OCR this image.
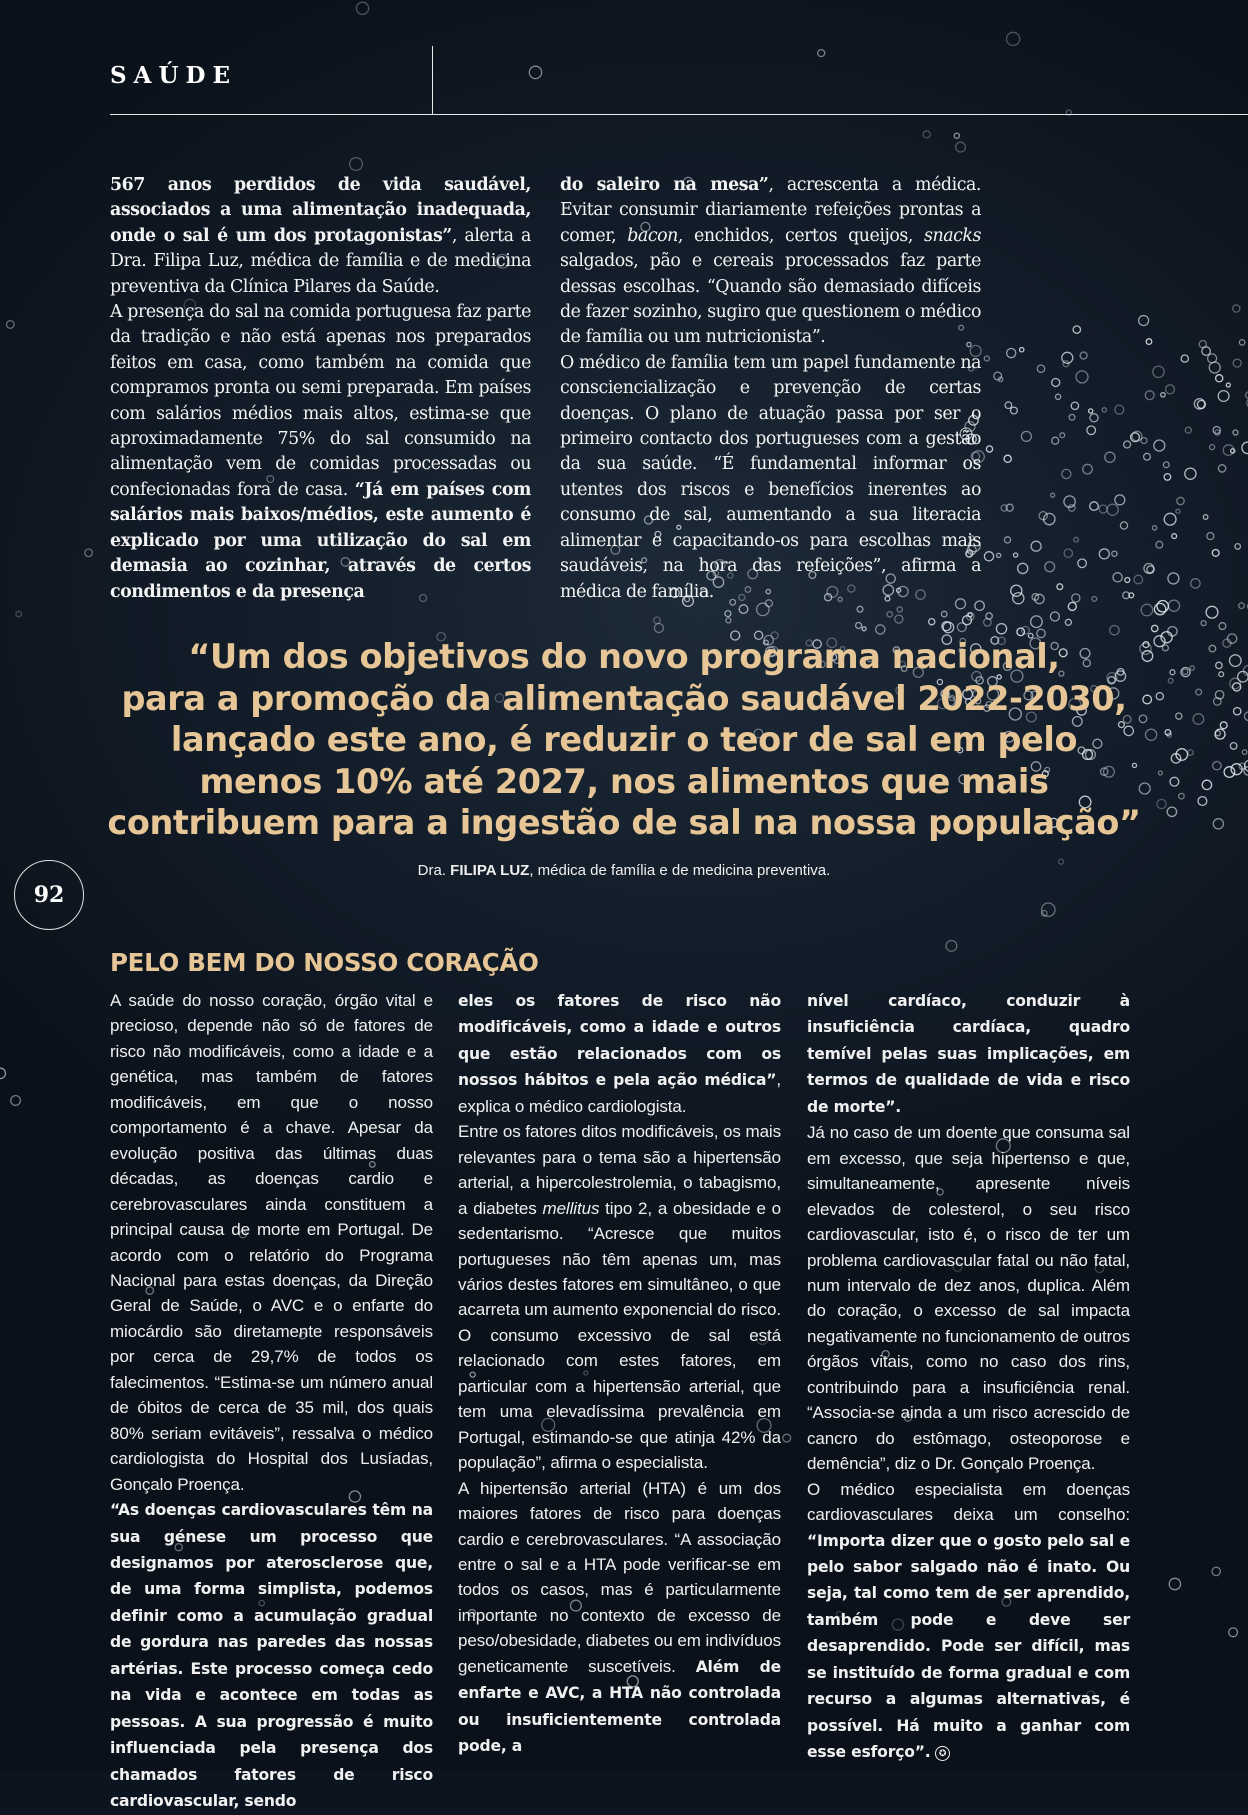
SAÚDE
567 anos perdidos de vida saudável, associados a uma alimentação inadequada, onde o sal é um dos protagonistas”, alerta a Dra. Filipa Luz, médica de família e de medicina preventiva da Clínica Pilares da Saúde.
A presença do sal na comida portuguesa faz parte da tradição e não está apenas nos preparados feitos em casa, como também na comida que compramos pronta ou semi preparada. Em países com salários médios mais altos, estima-se que aproximadamente 75% do sal consumido na alimentação vem de comidas processadas ou confecionadas fora de casa. “Já em países com salários mais baixos/médios, este aumento é explicado por uma utilização do sal em demasia ao cozinhar, através de certos condimentos e da presença
do saleiro na mesa”, acrescenta a médica. Evitar consumir diariamente refeições prontas a comer, bacon, enchidos, certos queijos, snacks salgados, pão e cereais processados faz parte dessas escolhas. “Quando são demasiado difíceis de fazer sozinho, sugiro que questionem o médico de família ou um nutricionista”.
O médico de família tem um papel fundamente na consciencialização e prevenção de certas doenças. O plano de atuação passa por ser o primeiro contacto dos portugueses com a gestão da sua saúde. “É fundamental informar os utentes dos riscos e benefícios inerentes ao consumo de sal, aumentando a sua literacia alimentar e capacitando-os para escolhas mais saudáveis, na hora das refeições”, afirma a médica de família.
“Um dos objetivos do novo programa nacional,
para a promoção da alimentação saudável 2022-2030,
lançado este ano, é reduzir o teor de sal em pelo
menos 10% até 2027, nos alimentos que mais
contribuem para a ingestão de sal na nossa população”
Dra. FILIPA LUZ, médica de família e de medicina preventiva.
92
PELO BEM DO NOSSO CORAÇÃO
A saúde do nosso coração, órgão vital e precioso, depende não só de fatores de risco não modificáveis, como a idade e a genética, mas também de fatores modificáveis, em que o nosso comportamento é a chave. Apesar da evolução positiva das últimas duas décadas, as doenças cardio e cerebrovasculares ainda constituem a principal causa de morte em Portugal. De acordo com o relatório do Programa Nacional para estas doenças, da Direção Geral de Saúde, o AVC e o enfarte do miocárdio são diretamente responsáveis por cerca de 29,7% de todos os falecimentos. “Estima-se um número anual de óbitos de cerca de 35 mil, dos quais 80% seriam evitáveis”, ressalva o médico cardiologista do Hospital dos Lusíadas, Gonçalo Proença.
“As doenças cardiovasculares têm na sua génese um processo que designamos por aterosclerose que, de uma forma simplista, podemos definir como a acumulação gradual de gordura nas paredes das nossas artérias. Este processo começa cedo na vida e acontece em todas as pessoas. A sua progressão é muito influenciada pela presença dos chamados fatores de risco cardiovascular, sendo
eles os fatores de risco não modificáveis, como a idade e outros que estão relacionados com os nossos hábitos e pela ação médica”, explica o médico cardiologista.
Entre os fatores ditos modificáveis, os mais relevantes para o tema são a hipertensão arterial, a hipercolestrolemia, o tabagismo, a diabetes mellitus tipo 2, a obesidade e o sedentarismo. “Acresce que muitos portugueses não têm apenas um, mas vários destes fatores em simultâneo, o que acarreta um aumento exponencial do risco. O consumo excessivo de sal está relacionado com estes fatores, em particular com a hipertensão arterial, que tem uma elevadíssima prevalência em Portugal, estimando-se que atinja 42% da população”, afirma o especialista.
A hipertensão arterial (HTA) é um dos maiores fatores de risco para doenças cardio e cerebrovasculares. “A associação entre o sal e a HTA pode verificar-se em todos os casos, mas é particularmente importante no contexto de excesso de peso/obesidade, diabetes ou em indivíduos geneticamente suscetíveis. Além de enfarte e AVC, a HTA não controlada ou insuficientemente controlada pode, a
nível cardíaco, conduzir à insuficiência cardíaca, quadro temível pelas suas implicações, em termos de qualidade de vida e risco de morte”.
Já no caso de um doente que consuma sal em excesso, que seja hipertenso e que, simultaneamente, apresente níveis elevados de colesterol, o seu risco cardiovascular, isto é, o risco de ter um problema cardiovascular fatal ou não fatal, num intervalo de dez anos, duplica. Além do coração, o excesso de sal impacta negativamente no funcionamento de outros órgãos vitais, como no caso dos rins, contribuindo para a insuficiência renal. “Associa-se ainda a um risco acrescido de cancro do estômago, osteoporose e demência”, diz o Dr. Gonçalo Proença.
O médico especialista em doenças cardiovasculares deixa um conselho: “Importa dizer que o gosto pelo sal e pelo sabor salgado não é inato. Ou seja, tal como tem de ser aprendido, também pode e deve ser desaprendido. Pode ser difícil, mas se instituído de forma gradual e com recurso a algumas alternativas, é possível. Há muito a ganhar com esse esforço”. ✪
